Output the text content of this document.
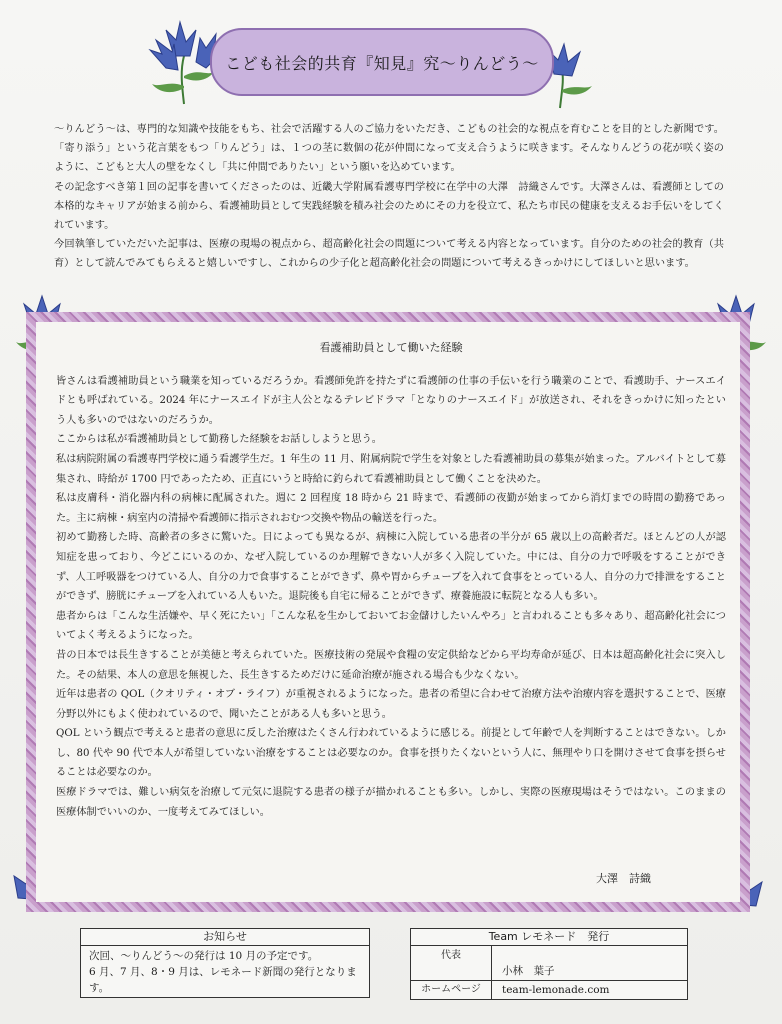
こども社会的共育『知見』究～りんどう～

～りんどう～は、専門的な知識や技能をもち、社会で活躍する人のご協力をいただき、こどもの社会的な視点を育むことを目的とした新聞です。「寄り添う」という花言葉をもつ「りんどう」は、１つの茎に数個の花が仲間になって支え合うように咲きます。そんなりんどうの花が咲く姿のように、こどもと大人の壁をなくし「共に仲間でありたい」という願いを込めています。

その記念すべき第１回の記事を書いてくださったのは、近畿大学附属看護専門学校に在学中の大澤　詩織さんです。大澤さんは、看護師としての本格的なキャリアが始まる前から、看護補助員として実践経験を積み社会のためにその力を役立て、私たち市民の健康を支えるお手伝いをしてくれています。

今回執筆していただいた記事は、医療の現場の視点から、超高齢化社会の問題について考える内容となっています。自分のための社会的教育（共育）として読んでみてもらえると嬉しいですし、これからの少子化と超高齢化社会の問題について考えるきっかけにしてほしいと思います。

看護補助員として働いた経験

皆さんは看護補助員という職業を知っているだろうか。看護師免許を持たずに看護師の仕事の手伝いを行う職業のことで、看護助手、ナースエイドとも呼ばれている。2024 年にナースエイドが主人公となるテレビドラマ「となりのナースエイド」が放送され、それをきっかけに知ったという人も多いのではないのだろうか。

ここからは私が看護補助員として勤務した経験をお話ししようと思う。

私は病院附属の看護専門学校に通う看護学生だ。1 年生の 11 月、附属病院で学生を対象とした看護補助員の募集が始まった。アルバイトとして募集され、時給が 1700 円であったため、正直にいうと時給に釣られて看護補助員として働くことを決めた。

私は皮膚科・消化器内科の病棟に配属された。週に 2 回程度 18 時から 21 時まで、看護師の夜勤が始まってから消灯までの時間の勤務であった。主に病棟・病室内の清掃や看護師に指示されおむつ交換や物品の輸送を行った。

初めて勤務した時、高齢者の多さに驚いた。日によっても異なるが、病棟に入院している患者の半分が 65 歳以上の高齢者だ。ほとんどの人が認知症を患っており、今どこにいるのか、なぜ入院しているのか理解できない人が多く入院していた。中には、自分の力で呼吸をすることができず、人工呼吸器をつけている人、自分の力で食事することができず、鼻や胃からチューブを入れて食事をとっている人、自分の力で排泄をすることができず、膀胱にチューブを入れている人もいた。退院後も自宅に帰ることができず、療養施設に転院となる人も多い。

患者からは「こんな生活嫌や、早く死にたい」「こんな私を生かしておいてお金儲けしたいんやろ」と言われることも多々あり、超高齢化社会についてよく考えるようになった。

昔の日本では長生きすることが美徳と考えられていた。医療技術の発展や食糧の安定供給などから平均寿命が延び、日本は超高齢化社会に突入した。その結果、本人の意思を無視した、長生きするためだけに延命治療が施される場合も少なくない。

近年は患者の QOL（クオリティ・オブ・ライフ）が重視されるようになった。患者の希望に合わせて治療方法や治療内容を選択することで、医療分野以外にもよく使われているので、聞いたことがある人も多いと思う。

QOL という観点で考えると患者の意思に反した治療はたくさん行われているように感じる。前提として年齢で人を判断することはできない。しかし、80 代や 90 代で本人が希望していない治療をすることは必要なのか。食事を摂りたくないという人に、無理やり口を開けさせて食事を摂らせることは必要なのか。

医療ドラマでは、難しい病気を治療して元気に退院する患者の様子が描かれることも多い。しかし、実際の医療現場はそうではない。このままの医療体制でいいのか、一度考えてみてほしい。

大澤　詩織
お知らせ
次回、～りんどう～の発行は 10 月の予定です。
6 月、7 月、8・9 月は、レモネード新聞の発行となります。
Team レモネード　発行
代表
小林　葉子
ホームページ	team-lemonade.com
